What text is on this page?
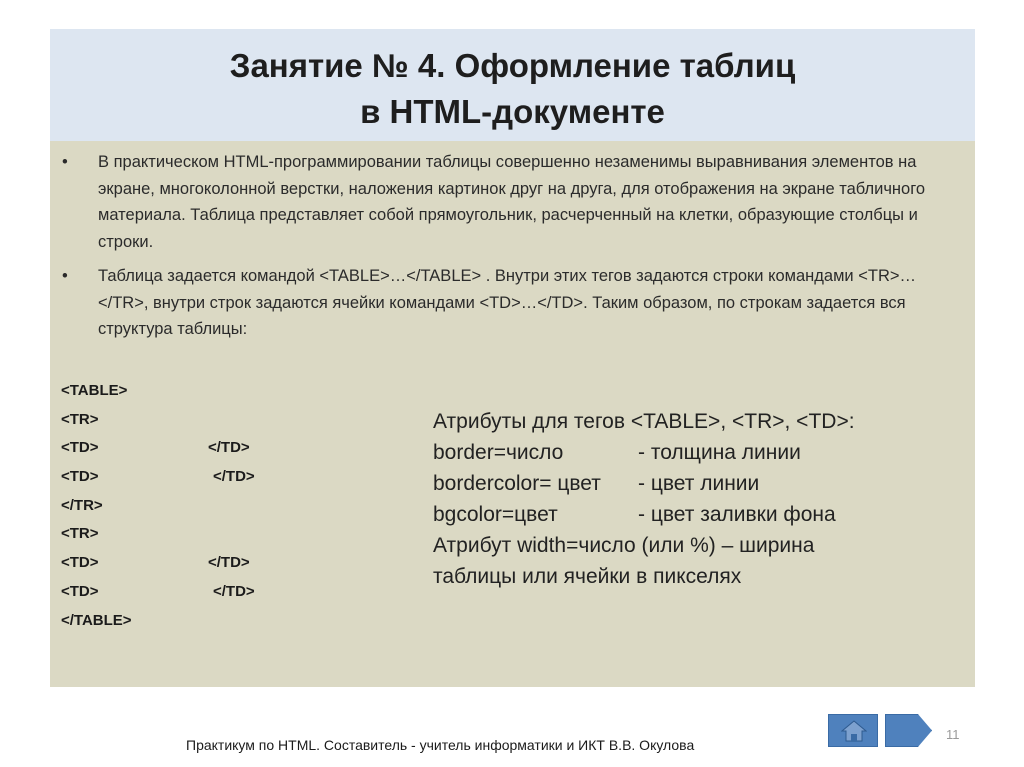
Занятие № 4. Оформление таблиц
в HTML-документе
•	В практическом HTML-программировании таблицы совершенно незаменимы выравнивания элементов на экране, многоколонной верстки, наложения картинок друг на друга, для отображения на экране табличного материала. Таблица представляет собой прямоугольник, расчерченный на клетки, образующие столбцы и строки.
•	Таблица задается командой <TABLE>…</TABLE> . Внутри этих тегов задаются строки командами <TR>…</TR>, внутри строк задаются ячейки командами <TD>…</TD>. Таким образом, по строкам задается вся структура таблицы:
<TABLE>
<TR>
<TD>	</TD>
<TD>	</TD>
</TR>
<TR>
<TD>	</TD>
<TD>	</TD>
</TABLE>
Атрибуты для тегов <TABLE>, <TR>, <TD>:
border=число	- толщина линии
bordercolor= цвет - цвет линии
bgcolor=цвет	- цвет заливки фона
Атрибут width=число (или %) – ширина
таблицы или ячейки в пикселях
Практикум по HTML. Составитель - учитель информатики и ИКТ В.В. Окулова
11
